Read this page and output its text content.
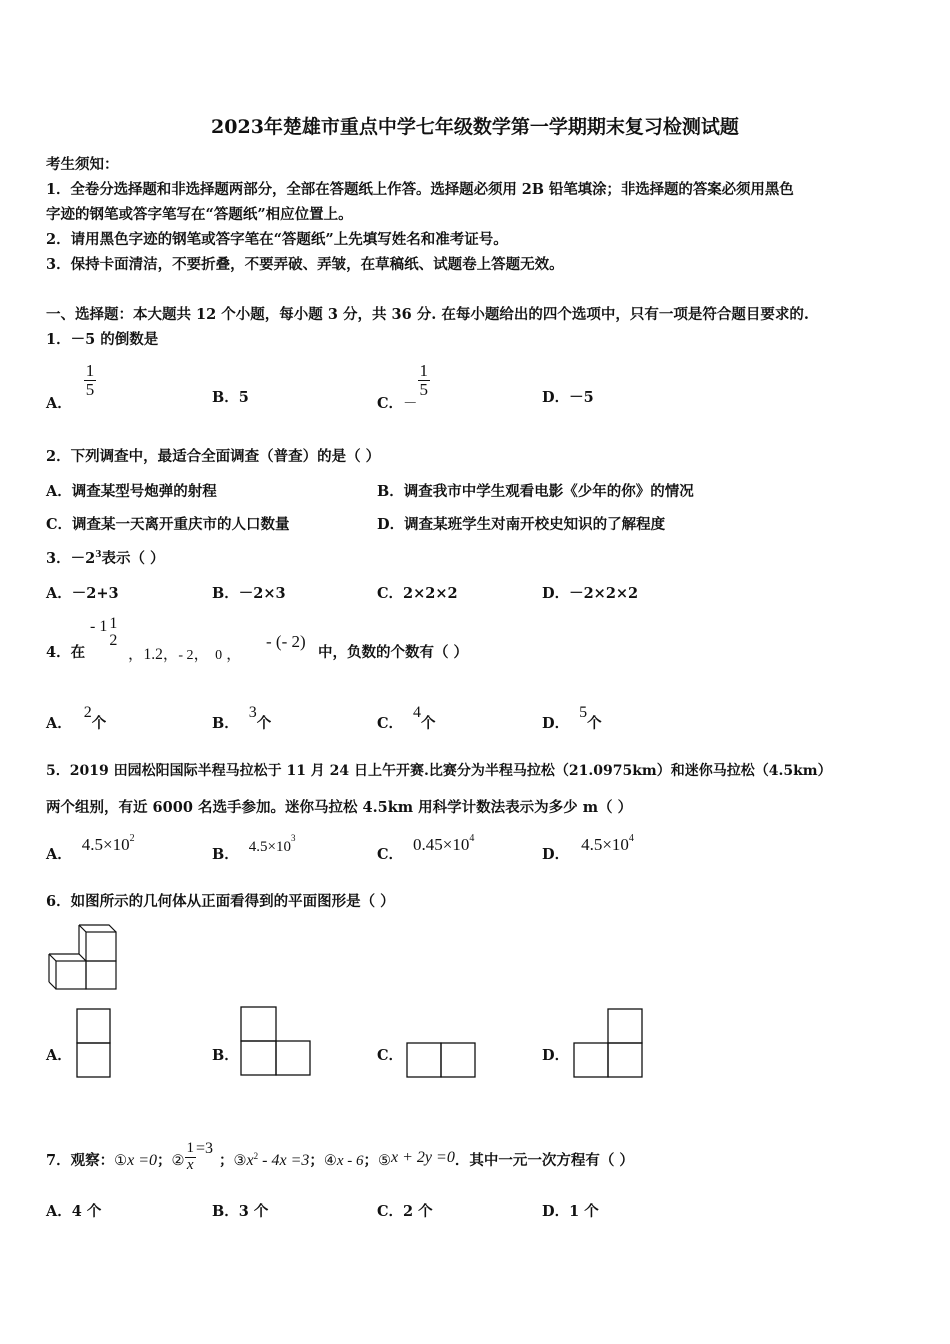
2023年楚雄市重点中学七年级数学第一学期期末复习检测试题
考生须知：
1．全卷分选择题和非选择题两部分，全部在答题纸上作答。选择题必须用 2B 铅笔填涂；非选择题的答案必须用黑色
字迹的钢笔或答字笔写在“答题纸”相应位置上。
2．请用黑色字迹的钢笔或答字笔在“答题纸”上先填写姓名和准考证号。
3．保持卡面清洁，不要折叠，不要弄破、弄皱，在草稿纸、试题卷上答题无效。
一、选择题：本大题共 12 个小题，每小题 3 分，共 36 分. 在每小题给出的四个选项中，只有一项是符合题目要求的.
1．－5 的倒数是
A．
$\frac{1}{5}$	B．5	C．－
$\frac{1}{5}$	D．－5
2．下列调查中，最适合全面调查（普查）的是（ ）
A．调查某型号炮弹的射程	B．调查我市中学生观看电影《少年的你》的情况
C．调查某一天离开重庆市的人口数量	D．调查某班学生对南开校史知识的了解程度
3．$-2^3$表示（ ）
A．－2+3	B．－2×3	C．2×2×2	D．－2×2×2
4．在
- 1 1
2
，1.2，- 2， 0 ，
- (- 2)
中，负数的个数有（ ）
A．2个	B．3个	C．4个	D．5个
5．2019 田园松阳国际半程马拉松于 11 月 24 日上午开赛.比赛分为半程马拉松（21.0975km）和迷你马拉松（4.5km）
两个组别，有近 6000 名选手参加。迷你马拉松 4.5km 用科学计数法表示为多少 m（ ）
A．$4.5\times 10^2$
B． $4.5\times 10^3$
C．$0.45\times 10^4$
D．$4.5\times 10^4$
6．如图所示的几何体从正面看得到的平面图形是（ ）
A．	B．	C．	D．
7．观察：①x =0；② $\frac{1}{x} =3$；$③x^2 - 4x =3$；④x - 6；⑤x + 2y =0．其中一元一次方程有（ ）
A．4 个	B．3 个	C．2 个	D．1 个
